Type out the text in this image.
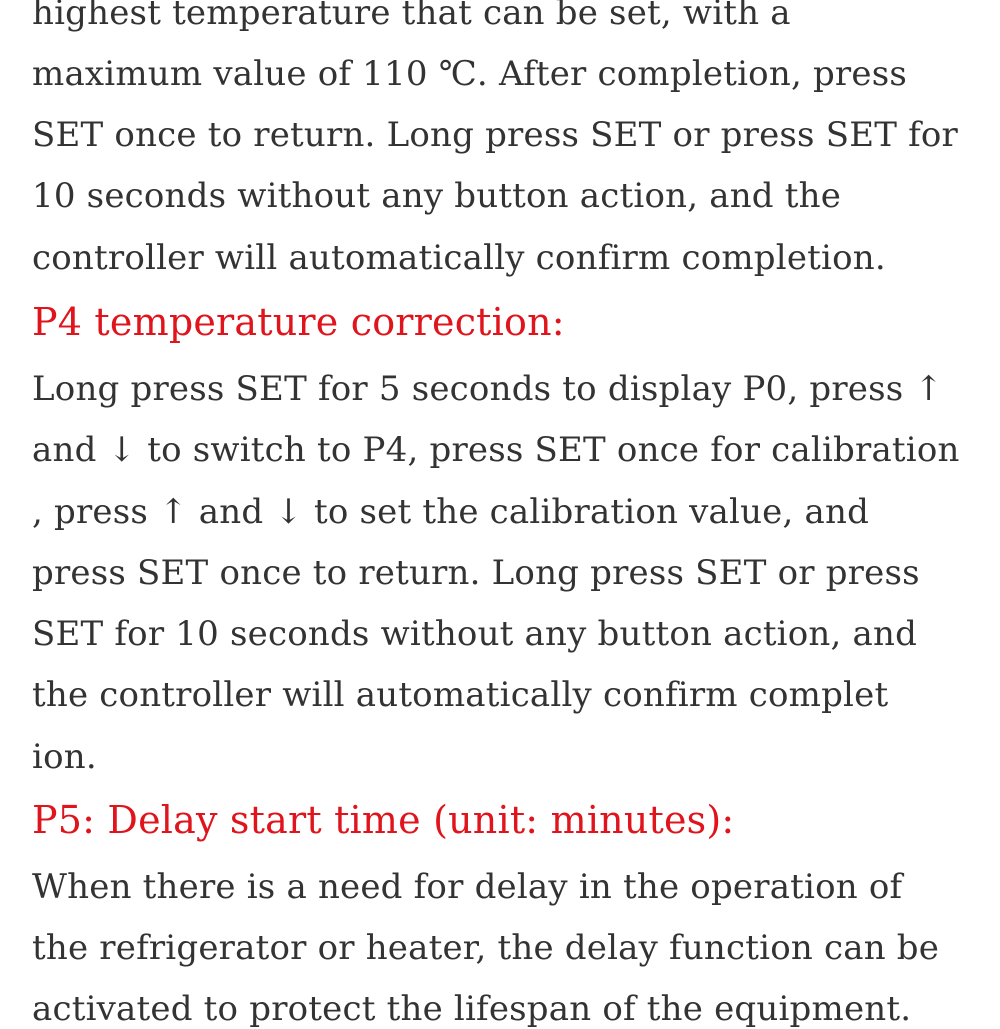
highest temperature that can be set, with a
maximum value of 110 ℃. After completion, press
SET once to return. Long press SET or press SET for
10 seconds without any button action, and the
controller will automatically confirm completion.
P4 temperature correction:
Long press SET for 5 seconds to display P0, press ↑
and ↓ to switch to P4, press SET once for calibration
, press ↑ and ↓ to set the calibration value, and
press SET once to return. Long press SET or press
SET for 10 seconds without any button action, and
the controller will automatically confirm complet
ion.
P5: Delay start time (unit: minutes):
When there is a need for delay in the operation of
the refrigerator or heater, the delay function can be
activated to protect the lifespan of the equipment.
